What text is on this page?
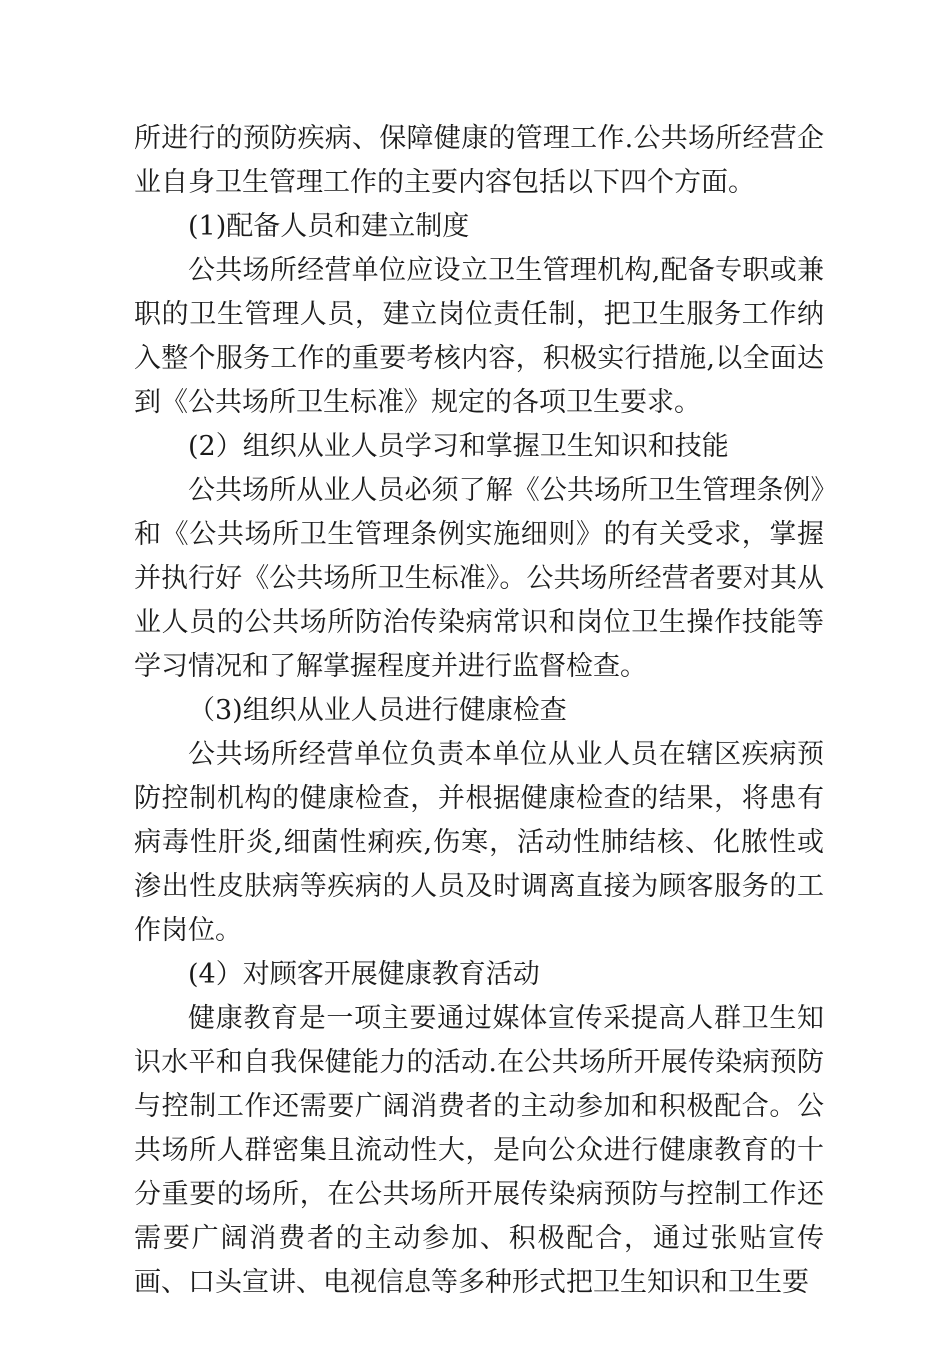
所进行的预防疾病、保障健康的管理工作.公共场所经营企业自身卫生管理工作的主要内容包括以下四个方面。

(1)配备人员和建立制度

公共场所经营单位应设立卫生管理机构,配备专职或兼职的卫生管理人员，建立岗位责任制，把卫生服务工作纳入整个服务工作的重要考核内容，积极实行措施,以全面达到《公共场所卫生标准》规定的各项卫生要求。

(2）组织从业人员学习和掌握卫生知识和技能

公共场所从业人员必须了解《公共场所卫生管理条例》和《公共场所卫生管理条例实施细则》的有关受求，掌握并执行好《公共场所卫生标准》。公共场所经营者要对其从业人员的公共场所防治传染病常识和岗位卫生操作技能等学习情况和了解掌握程度并进行监督检查。

（3)组织从业人员进行健康检查

公共场所经营单位负责本单位从业人员在辖区疾病预防控制机构的健康检查，并根据健康检查的结果，将患有病毒性肝炎,细菌性痢疾,伤寒，活动性肺结核、化脓性或渗出性皮肤病等疾病的人员及时调离直接为顾客服务的工作岗位。

(4）对顾客开展健康教育活动

健康教育是一项主要通过媒体宣传采提高人群卫生知识水平和自我保健能力的活动.在公共场所开展传染病预防与控制工作还需要广阔消费者的主动参加和积极配合。公共场所人群密集且流动性大，是向公众进行健康教育的十分重要的场所，在公共场所开展传染病预防与控制工作还需要广阔消费者的主动参加、积极配合，通过张贴宣传画、口头宣讲、电视信息等多种形式把卫生知识和卫生要
